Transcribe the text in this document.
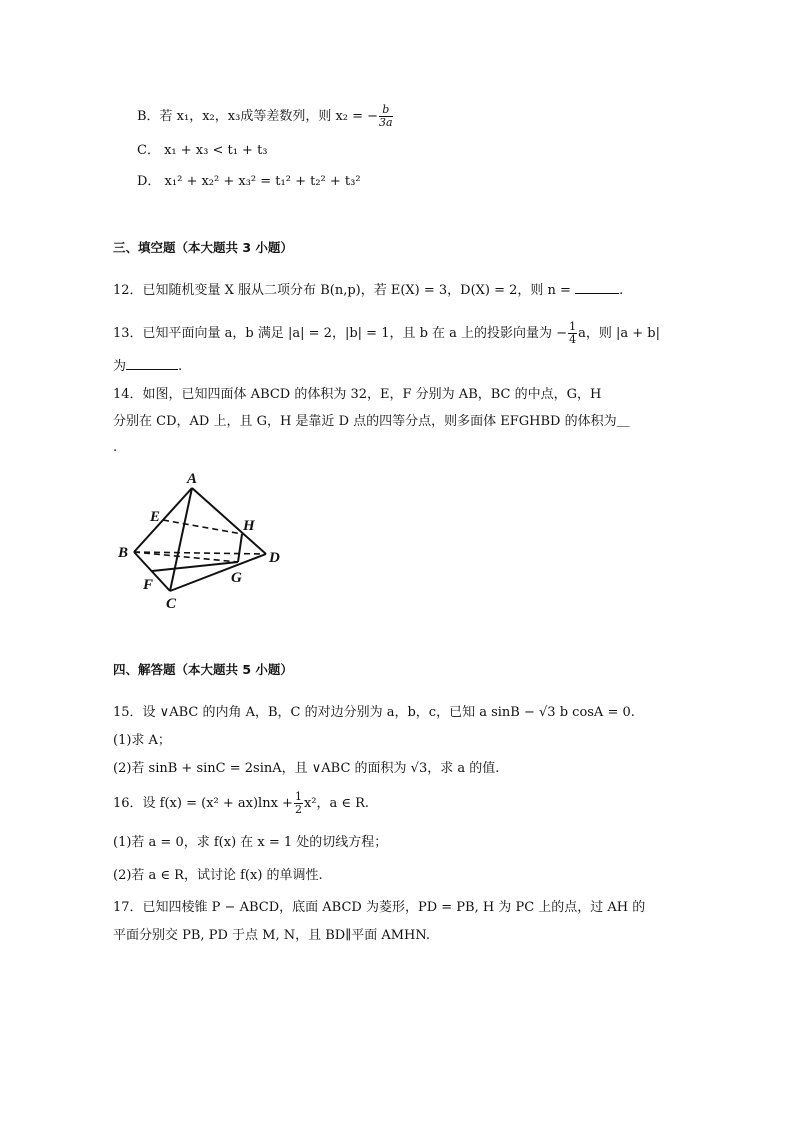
B．若 x₁，x₂，x₃成等差数列，则 x₂ = − $\frac{b}{3a}$
C． x₁ + x₃ < t₁ + t₃
D． x₁² + x₂² + x₃² = t₁² + t₂² + t₃²
三、填空题（本大题共 3 小题）
12．已知随机变量 X 服从二项分布 B(n,p)，若 E(X) = 3，D(X) = 2，则 n =	.
13．已知平面向量 a，b 满足 |a| = 2，|b| = 1，且 b 在 a 上的投影向量为 − $\frac{1}{4}$ a，则 |a + b|
为	.
14．如图，已知四面体 ABCD 的体积为 32，E，F 分别为 AB，BC 的中点，G，H
分别在 CD，AD 上，且 G，H 是靠近 D 点的四等分点，则多面体 EFGHBD 的体积为＿
.
A
B
C
D
E
F	G
H
四、解答题（本大题共 5 小题）
15．设 ∨ABC 的内角 A，B，C 的对边分别为 a，b，c，已知 a sinB − √3 b cosA = 0.
(1)求 A；
(2)若 sinB + sinC = 2sinA，且 ∨ABC 的面积为 √3，求 a 的值.
16．设 $f(x) = (x^2 + ax)\ln x + \frac{1}{2} x^2$，a ∈ R.
(1)若 a = 0，求 f(x) 在 x = 1 处的切线方程；
(2)若 a ∈ R，试讨论 f(x) 的单调性.
17．已知四棱锥 P − ABCD，底面 ABCD 为菱形，PD = PB, H 为 PC 上的点，过 AH 的
平面分别交 PB, PD 于点 M, N，且 BD∥平面 AMHN.
